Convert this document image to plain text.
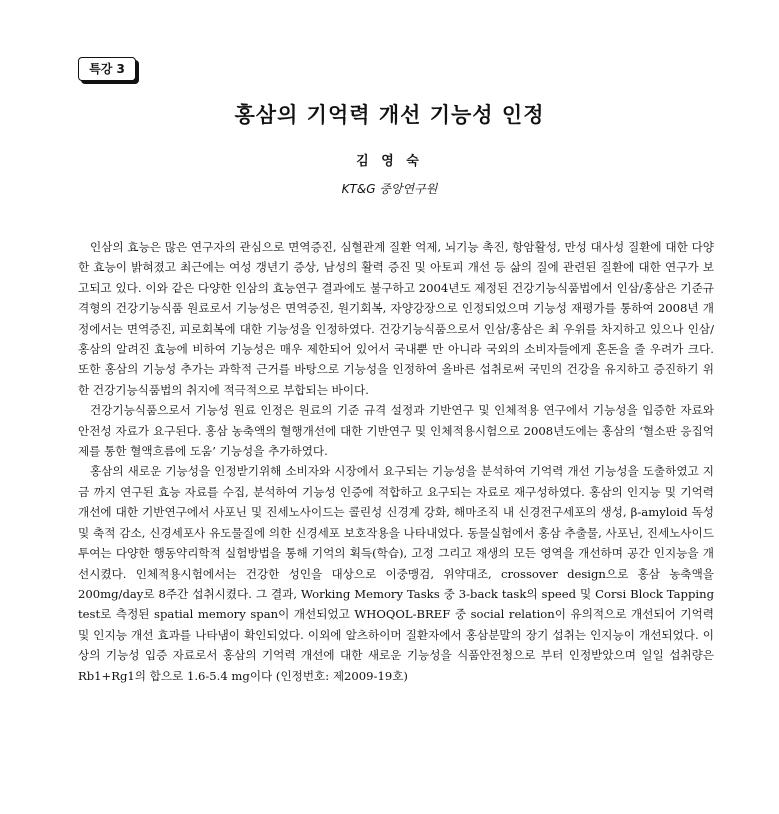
특강 3
홍삼의 기억력 개선 기능성 인정
김 영 숙
KT&G 중앙연구원

인삼의 효능은 많은 연구자의 관심으로 면역증진, 심혈관계 질환 억제, 뇌기능 촉진, 항암활성, 만성 대사성 질환에 대한 다양한 효능이 밝혀졌고 최근에는 여성 갱년기 증상, 남성의 활력 증진 및 아토피 개선 등 삶의 질에 관련된 질환에 대한 연구가 보고되고 있다. 이와 같은 다양한 인삼의 효능연구 결과에도 불구하고 2004년도 제정된 건강기능식품법에서 인삼/홍삼은 기준규격형의 건강기능식품 원료로서 기능성은 면역증진, 원기회복, 자양강장으로 인정되었으며 기능성 재평가를 통하여 2008년 개정에서는 면역증진, 피로회복에 대한 기능성을 인정하였다. 건강기능식품으로서 인삼/홍삼은 최 우위를 차지하고 있으나 인삼/홍삼의 알려진 효능에 비하여 기능성은 매우 제한되어 있어서 국내뿐 만 아니라 국외의 소비자들에게 혼돈을 줄 우려가 크다. 또한 홍삼의 기능성 추가는 과학적 근거를 바탕으로 기능성을 인정하여 올바른 섭취로써 국민의 건강을 유지하고 증진하기 위한 건강기능식품법의 취지에 적극적으로 부합되는 바이다.

건강기능식품으로서 기능성 원료 인정은 원료의 기준 규격 설정과 기반연구 및 인체적용 연구에서 기능성을 입증한 자료와 안전성 자료가 요구된다. 홍삼 농축액의 혈행개선에 대한 기반연구 및 인체적용시험으로 2008년도에는 홍삼의 ‘혈소판 응집억제를 통한 혈액흐름에 도움’ 기능성을 추가하였다.

홍삼의 새로운 기능성을 인정받기위해 소비자와 시장에서 요구되는 기능성을 분석하여 기억력 개선 기능성을 도출하였고 지금 까지 연구된 효능 자료를 수집, 분석하여 기능성 인증에 적합하고 요구되는 자료로 재구성하였다. 홍삼의 인지능 및 기억력 개선에 대한 기반연구에서 사포닌 및 진세노사이드는 콜린성 신경계 강화, 해마조직 내 신경전구세포의 생성, β-amyloid 독성 및 축적 감소, 신경세포사 유도물질에 의한 신경세포 보호작용을 나타내었다. 동물실험에서 홍삼 추출물, 사포닌, 진세노사이드 투여는 다양한 행동약리학적 실험방법을 통해 기억의 획득(학습), 고정 그리고 재생의 모든 영역을 개선하며 공간 인지능을 개선시켰다. 인체적용시험에서는 건강한 성인을 대상으로 이중맹검, 위약대조, crossover design으로 홍삼 농축액을 200mg/day로 8주간 섭취시켰다. 그 결과, Working Memory Tasks 중 3-back task의 speed 및 Corsi Block Tapping test로 측정된 spatial memory span이 개선되었고 WHOQOL-BREF 중 social relation이 유의적으로 개선되어 기억력 및 인지능 개선 효과를 나타냄이 확인되었다. 이외에 알츠하이머 질환자에서 홍삼분말의 장기 섭취는 인지능이 개선되었다. 이상의 기능성 입증 자료로서 홍삼의 기억력 개선에 대한 새로운 기능성을 식품안전청으로 부터 인정받았으며 일일 섭취량은 Rb1+Rg1의 합으로 1.6-5.4 mg이다 (인정번호: 제2009-19호)
